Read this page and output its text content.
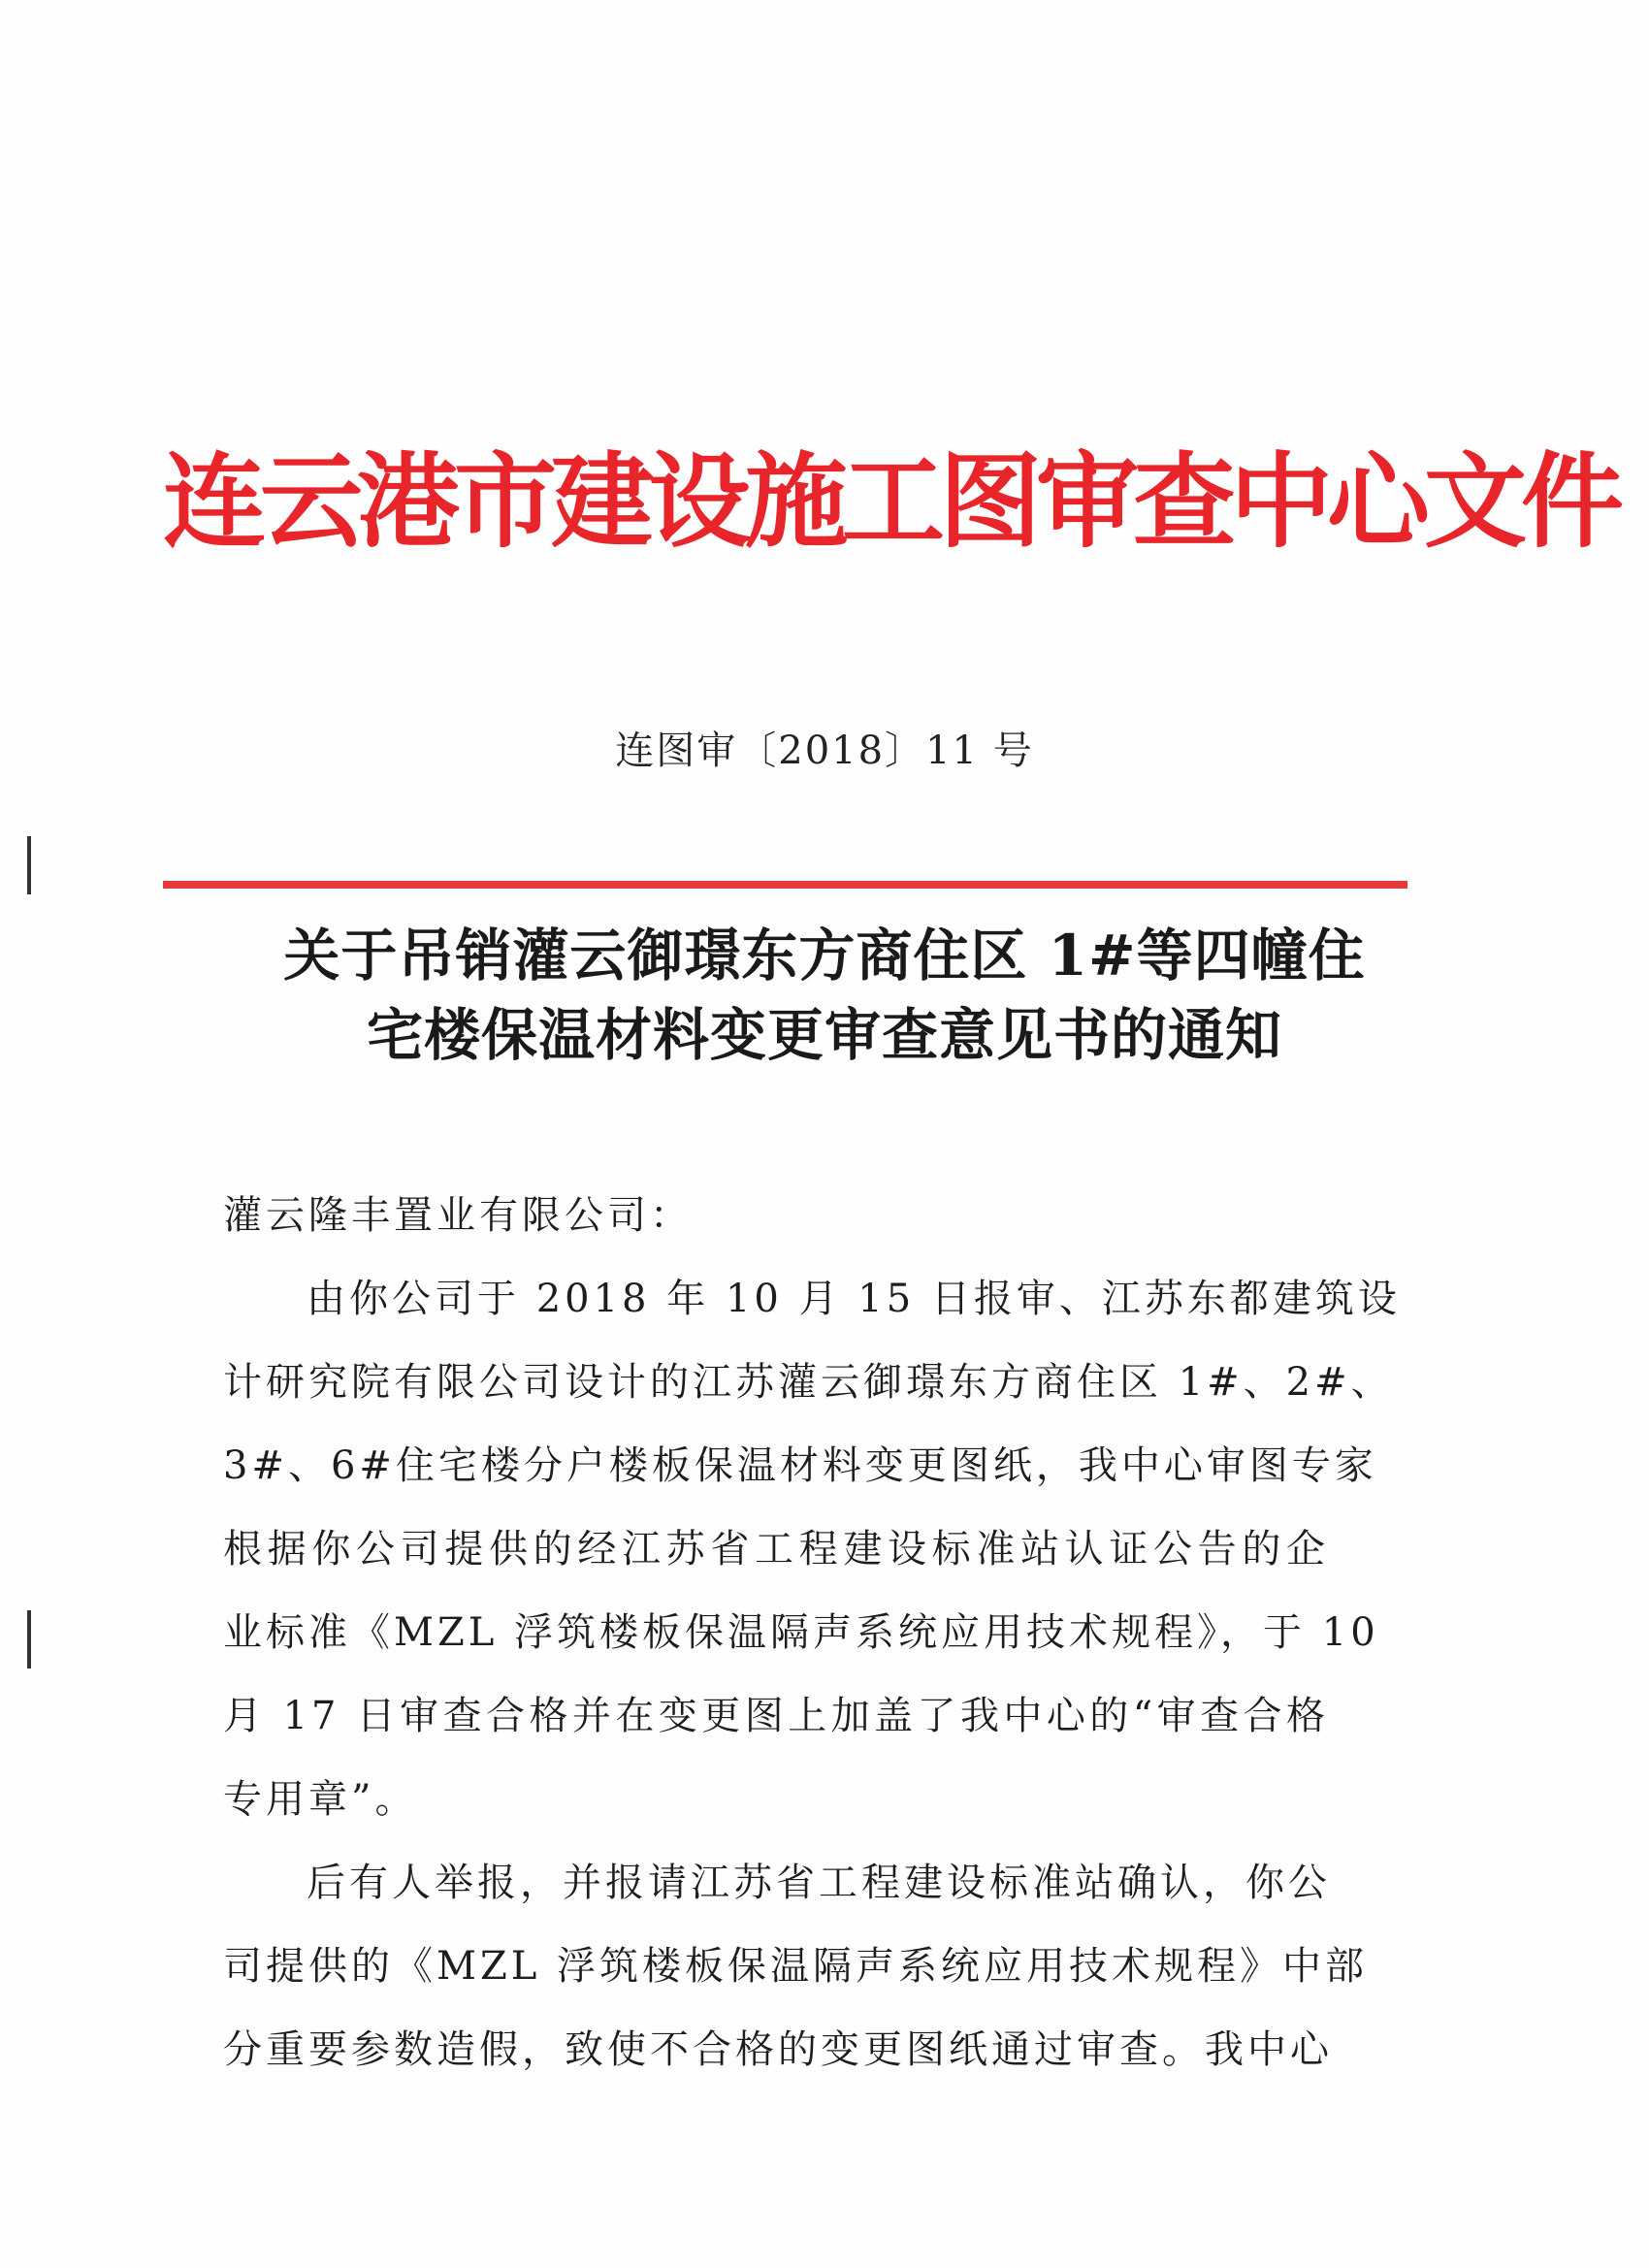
连云港市建设施工图审查中心文件
连图审〔2018〕11 号
关于吊销灌云御璟东方商住区 1#等四幢住
宅楼保温材料变更审查意见书的通知
灌云隆丰置业有限公司：
由你公司于 2018 年 10 月 15 日报审、江苏东都建筑设
计研究院有限公司设计的江苏灌云御璟东方商住区 1#、2#、
3#、6#住宅楼分户楼板保温材料变更图纸，我中心审图专家
根据你公司提供的经江苏省工程建设标准站认证公告的企
业标准《MZL 浮筑楼板保温隔声系统应用技术规程》，于 10
月 17 日审查合格并在变更图上加盖了我中心的“审查合格
专用章”。
后有人举报，并报请江苏省工程建设标准站确认，你公
司提供的《MZL 浮筑楼板保温隔声系统应用技术规程》中部
分重要参数造假，致使不合格的变更图纸通过审查。我中心
